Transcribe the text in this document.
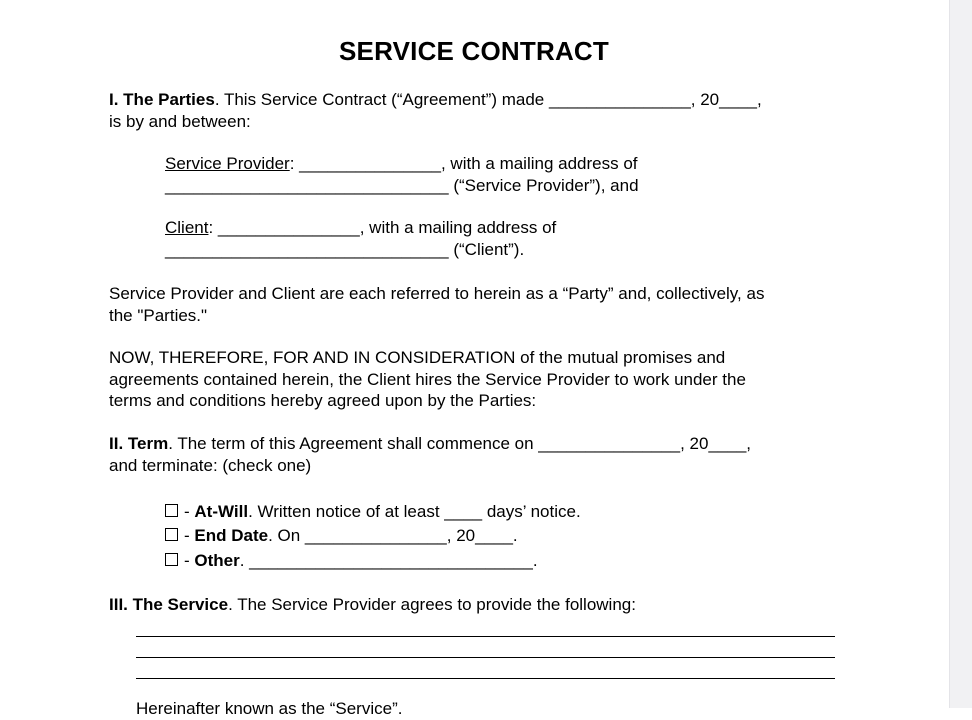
SERVICE CONTRACT
I. The Parties. This Service Contract (“Agreement”) made _______________, 20____,
is by and between:
Service Provider: _______________, with a mailing address of
______________________________ (“Service Provider”), and
Client: _______________, with a mailing address of
______________________________ (“Client”).
Service Provider and Client are each referred to herein as a “Party” and, collectively, as
the "Parties."
NOW, THEREFORE, FOR AND IN CONSIDERATION of the mutual promises and
agreements contained herein, the Client hires the Service Provider to work under the
terms and conditions hereby agreed upon by the Parties:
II. Term. The term of this Agreement shall commence on _______________, 20____,
and terminate: (check one)
- At-Will. Written notice of at least ____ days’ notice.
- End Date. On _______________, 20____.
- Other. ______________________________.
III. The Service. The Service Provider agrees to provide the following:
Hereinafter known as the “Service”.
